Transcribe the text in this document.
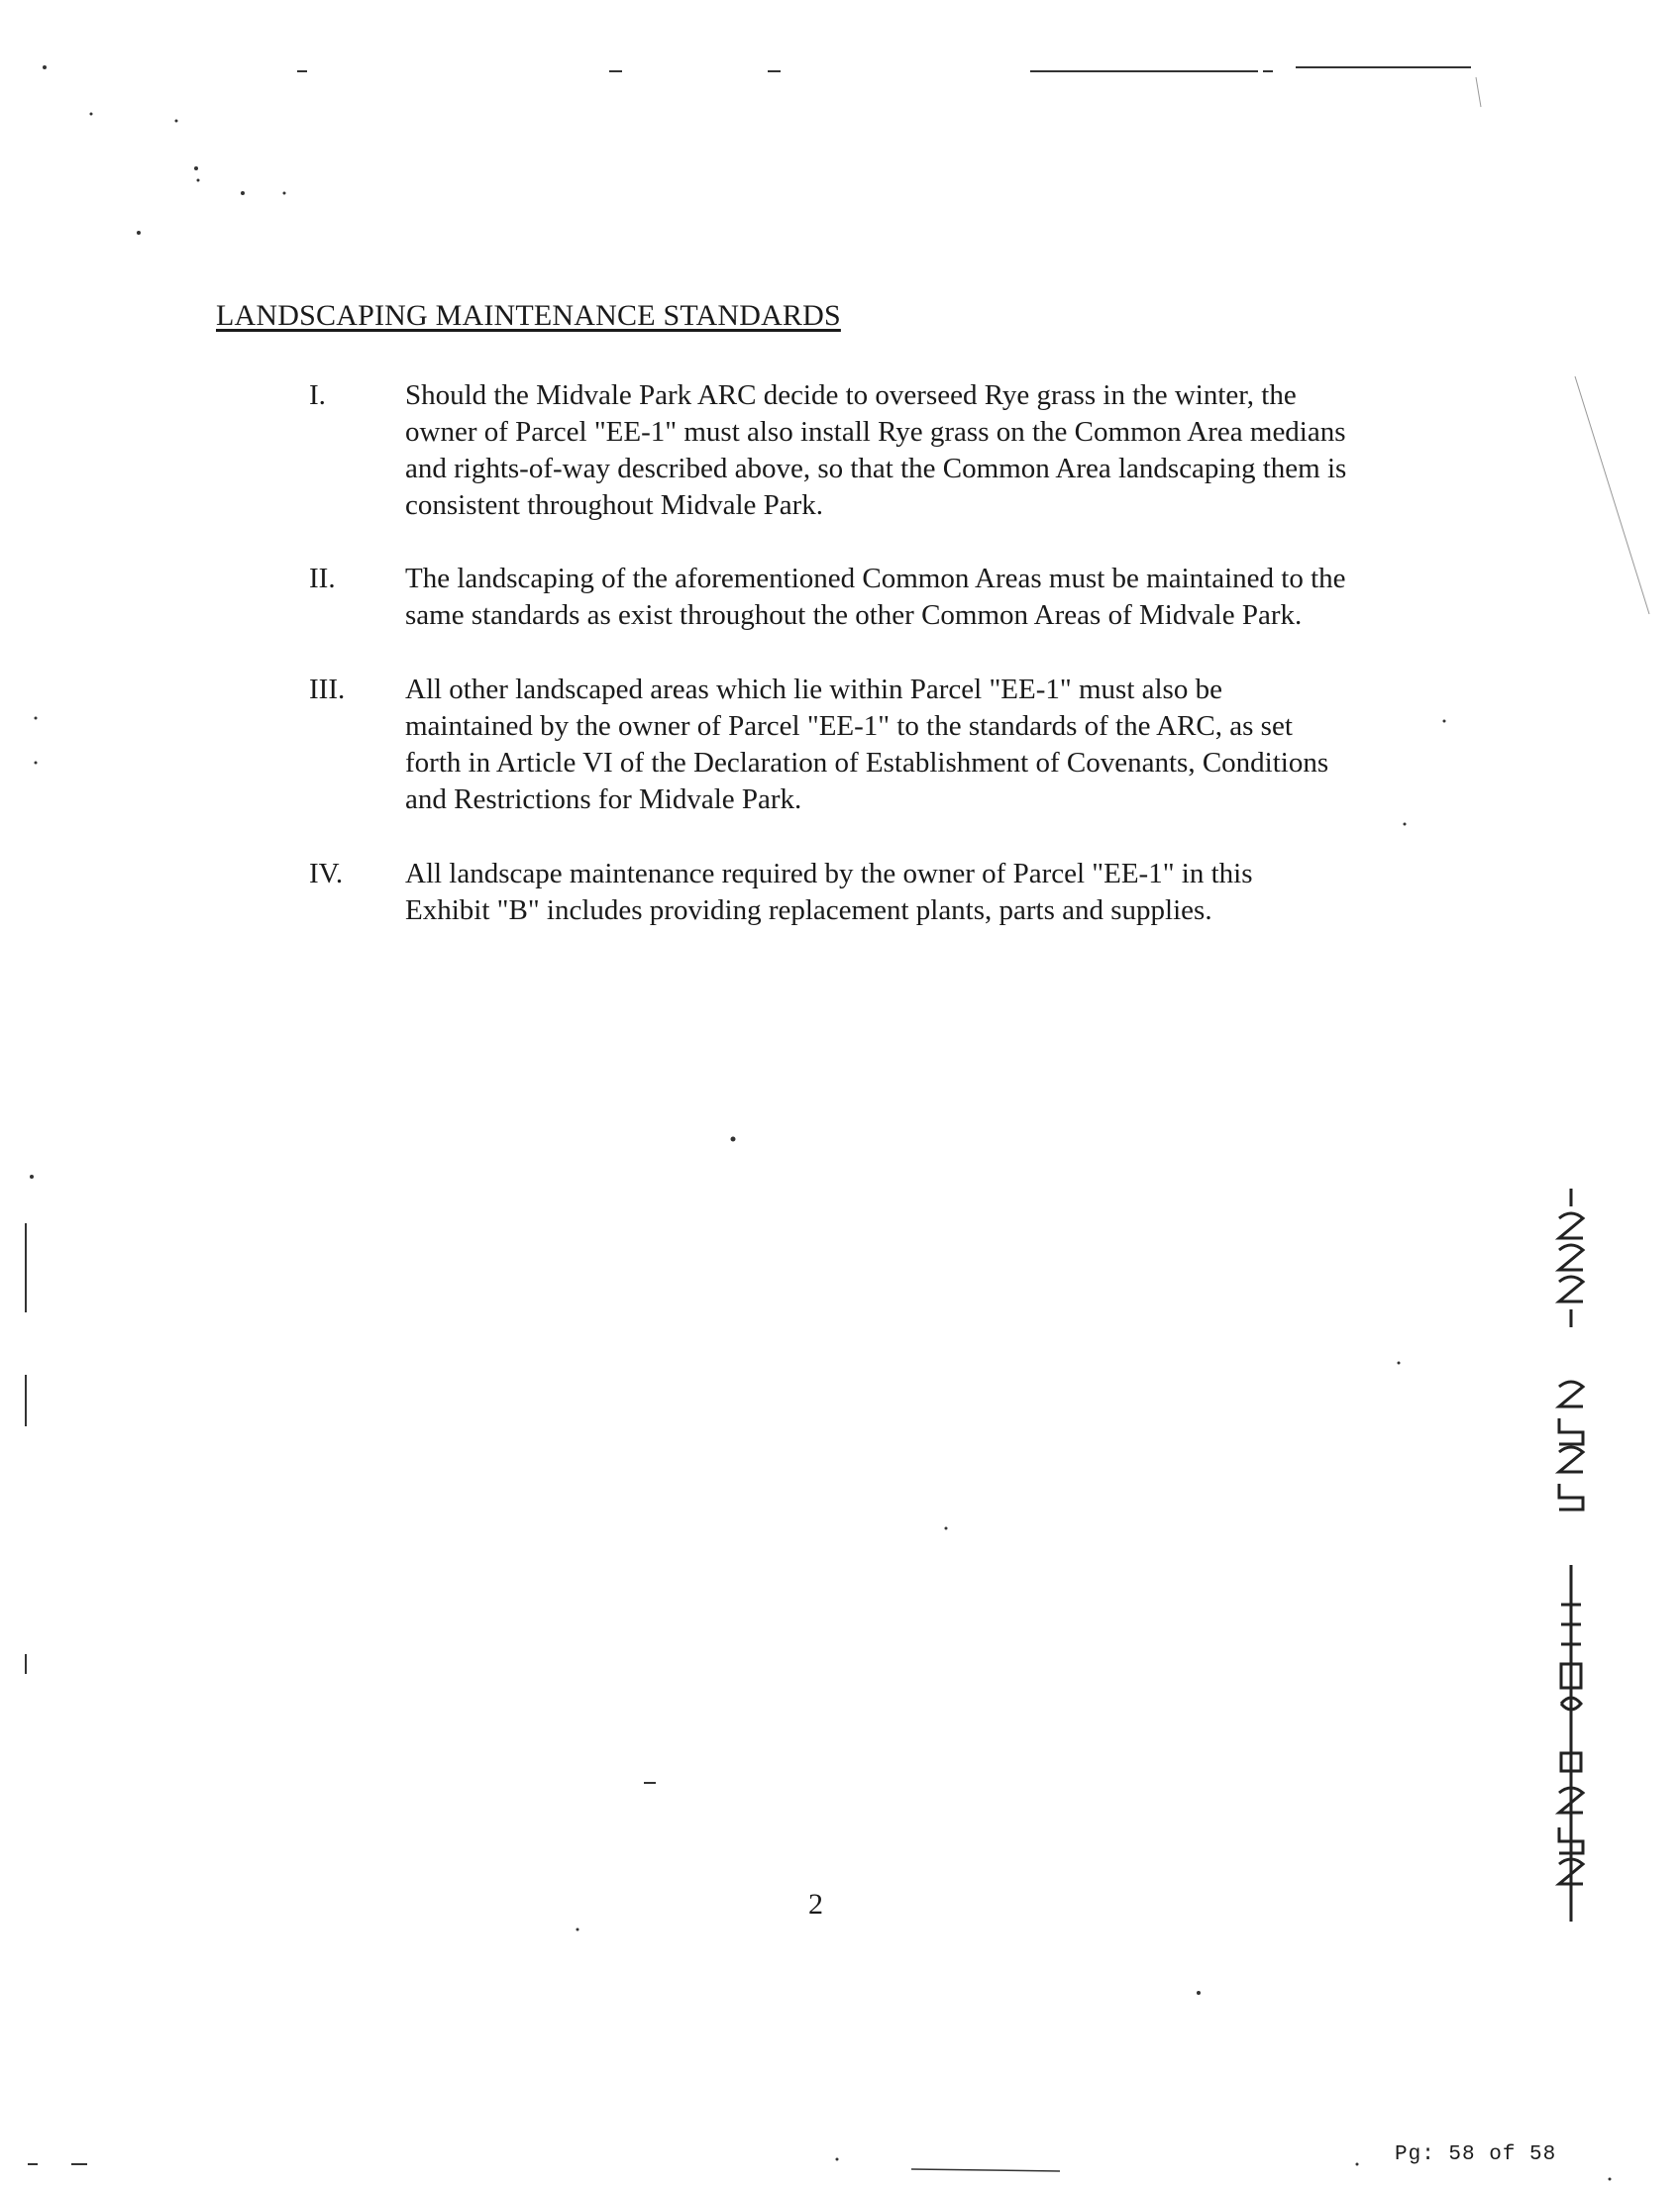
LANDSCAPING MAINTENANCE STANDARDS
I.	Should the Midvale Park ARC decide to overseed Rye grass in the winter, the
owner of Parcel "EE-1" must also install Rye grass on the Common Area medians
and rights-of-way described above, so that the Common Area landscaping them is
consistent throughout Midvale Park.
II. The landscaping of the aforementioned Common Areas must be maintained to the
same standards as exist throughout the other Common Areas of Midvale Park.
III. All other landscaped areas which lie within Parcel "EE-1" must also be
maintained by the owner of Parcel "EE-1" to the standards of the ARC, as set
forth in Article VI of the Declaration of Establishment of Covenants, Conditions
and Restrictions for Midvale Park.
IV. All landscape maintenance required by the owner of Parcel "EE-1" in this
Exhibit "B" includes providing replacement plants, parts and supplies.
2
Pg: 58 of 58
